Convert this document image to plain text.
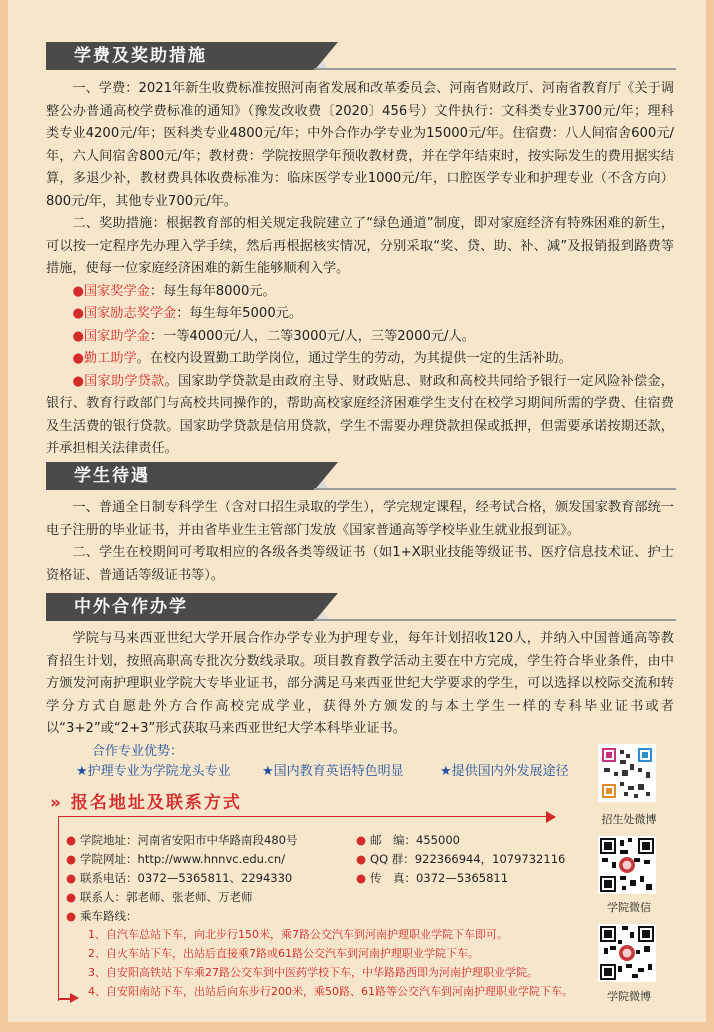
学费及奖助措施

一、学费：2021年新生收费标准按照河南省发展和改革委员会、河南省财政厅、河南省教育厅《关于调整公办普通高校学费标准的通知》（豫发改收费〔2020〕456号）文件执行：文科类专业3700元/年；理科类专业4200元/年；医科类专业4800元/年；中外合作办学专业为15000元/年。住宿费：八人间宿舍600元/年，六人间宿舍800元/年；教材费：学院按照学年预收教材费，并在学年结束时，按实际发生的费用据实结算，多退少补，教材费具体收费标准为：临床医学专业1000元/年，口腔医学专业和护理专业（不含方向）800元/年，其他专业700元/年。

二、奖助措施：根据教育部的相关规定我院建立了“绿色通道”制度，即对家庭经济有特殊困难的新生，可以按一定程序先办理入学手续，然后再根据核实情况，分别采取“奖、贷、助、补、减”及报销报到路费等措施，使每一位家庭经济困难的新生能够顺利入学。

●国家奖学金：每生每年8000元。

●国家励志奖学金：每生每年5000元。

●国家助学金：一等4000元/人，二等3000元/人，三等2000元/人。

●勤工助学。在校内设置勤工助学岗位，通过学生的劳动，为其提供一定的生活补助。

●国家助学贷款。国家助学贷款是由政府主导、财政贴息、财政和高校共同给予银行一定风险补偿金，银行、教育行政部门与高校共同操作的，帮助高校家庭经济困难学生支付在校学习期间所需的学费、住宿费及生活费的银行贷款。国家助学贷款是信用贷款，学生不需要办理贷款担保或抵押，但需要承诺按期还款，并承担相关法律责任。

学生待遇

一、普通全日制专科学生（含对口招生录取的学生），学完规定课程，经考试合格，颁发国家教育部统一电子注册的毕业证书，并由省毕业生主管部门发放《国家普通高等学校毕业生就业报到证》。

二、学生在校期间可考取相应的各级各类等级证书（如1+X职业技能等级证书、医疗信息技术证、护士资格证、普通话等级证书等）。

中外合作办学

学院与马来西亚世纪大学开展合作办学专业为护理专业，每年计划招收120人，并纳入中国普通高等教育招生计划，按照高职高专批次分数线录取。项目教育教学活动主要在中方完成，学生符合毕业条件，由中方颁发河南护理职业学院大专毕业证书，部分满足马来西亚世纪大学要求的学生，可以选择以校际交流和转学分方式自愿赴外方合作高校完成学业，获得外方颁发的与本土学生一样的专科毕业证书或者以“3+2”或“2+3”形式获取马来西亚世纪大学本科毕业证书。

合作专业优势：
★护理专业为学院龙头专业 ★国内教育英语特色明显	★提供国内外发展途径
» 报名地址及联系方式
● 学院地址：河南省安阳市中华路南段480号
● 学院网址：http://www.hnnvc.edu.cn/
● 联系电话：0372—5365811、2294330
● 联系人：郭老师、张老师、万老师
● 邮　编：455000
● QQ 群：922366944，1079732116
● 传　真：0372—5365811
● 乘车路线：
1、自汽车总站下车，向北步行150米，乘7路公交汽车到河南护理职业学院下车即可。
2、自火车站下车，出站后直接乘7路或61路公交汽车到河南护理职业学院下车。
3、自安阳高铁站下车乘27路公交车到中医药学校下车，中华路路西即为河南护理职业学院。
4、自安阳南站下车，出站后向东步行200米，乘50路、61路等公交汽车到河南护理职业学院下车。
招生处微博
学院微信
学院微博
